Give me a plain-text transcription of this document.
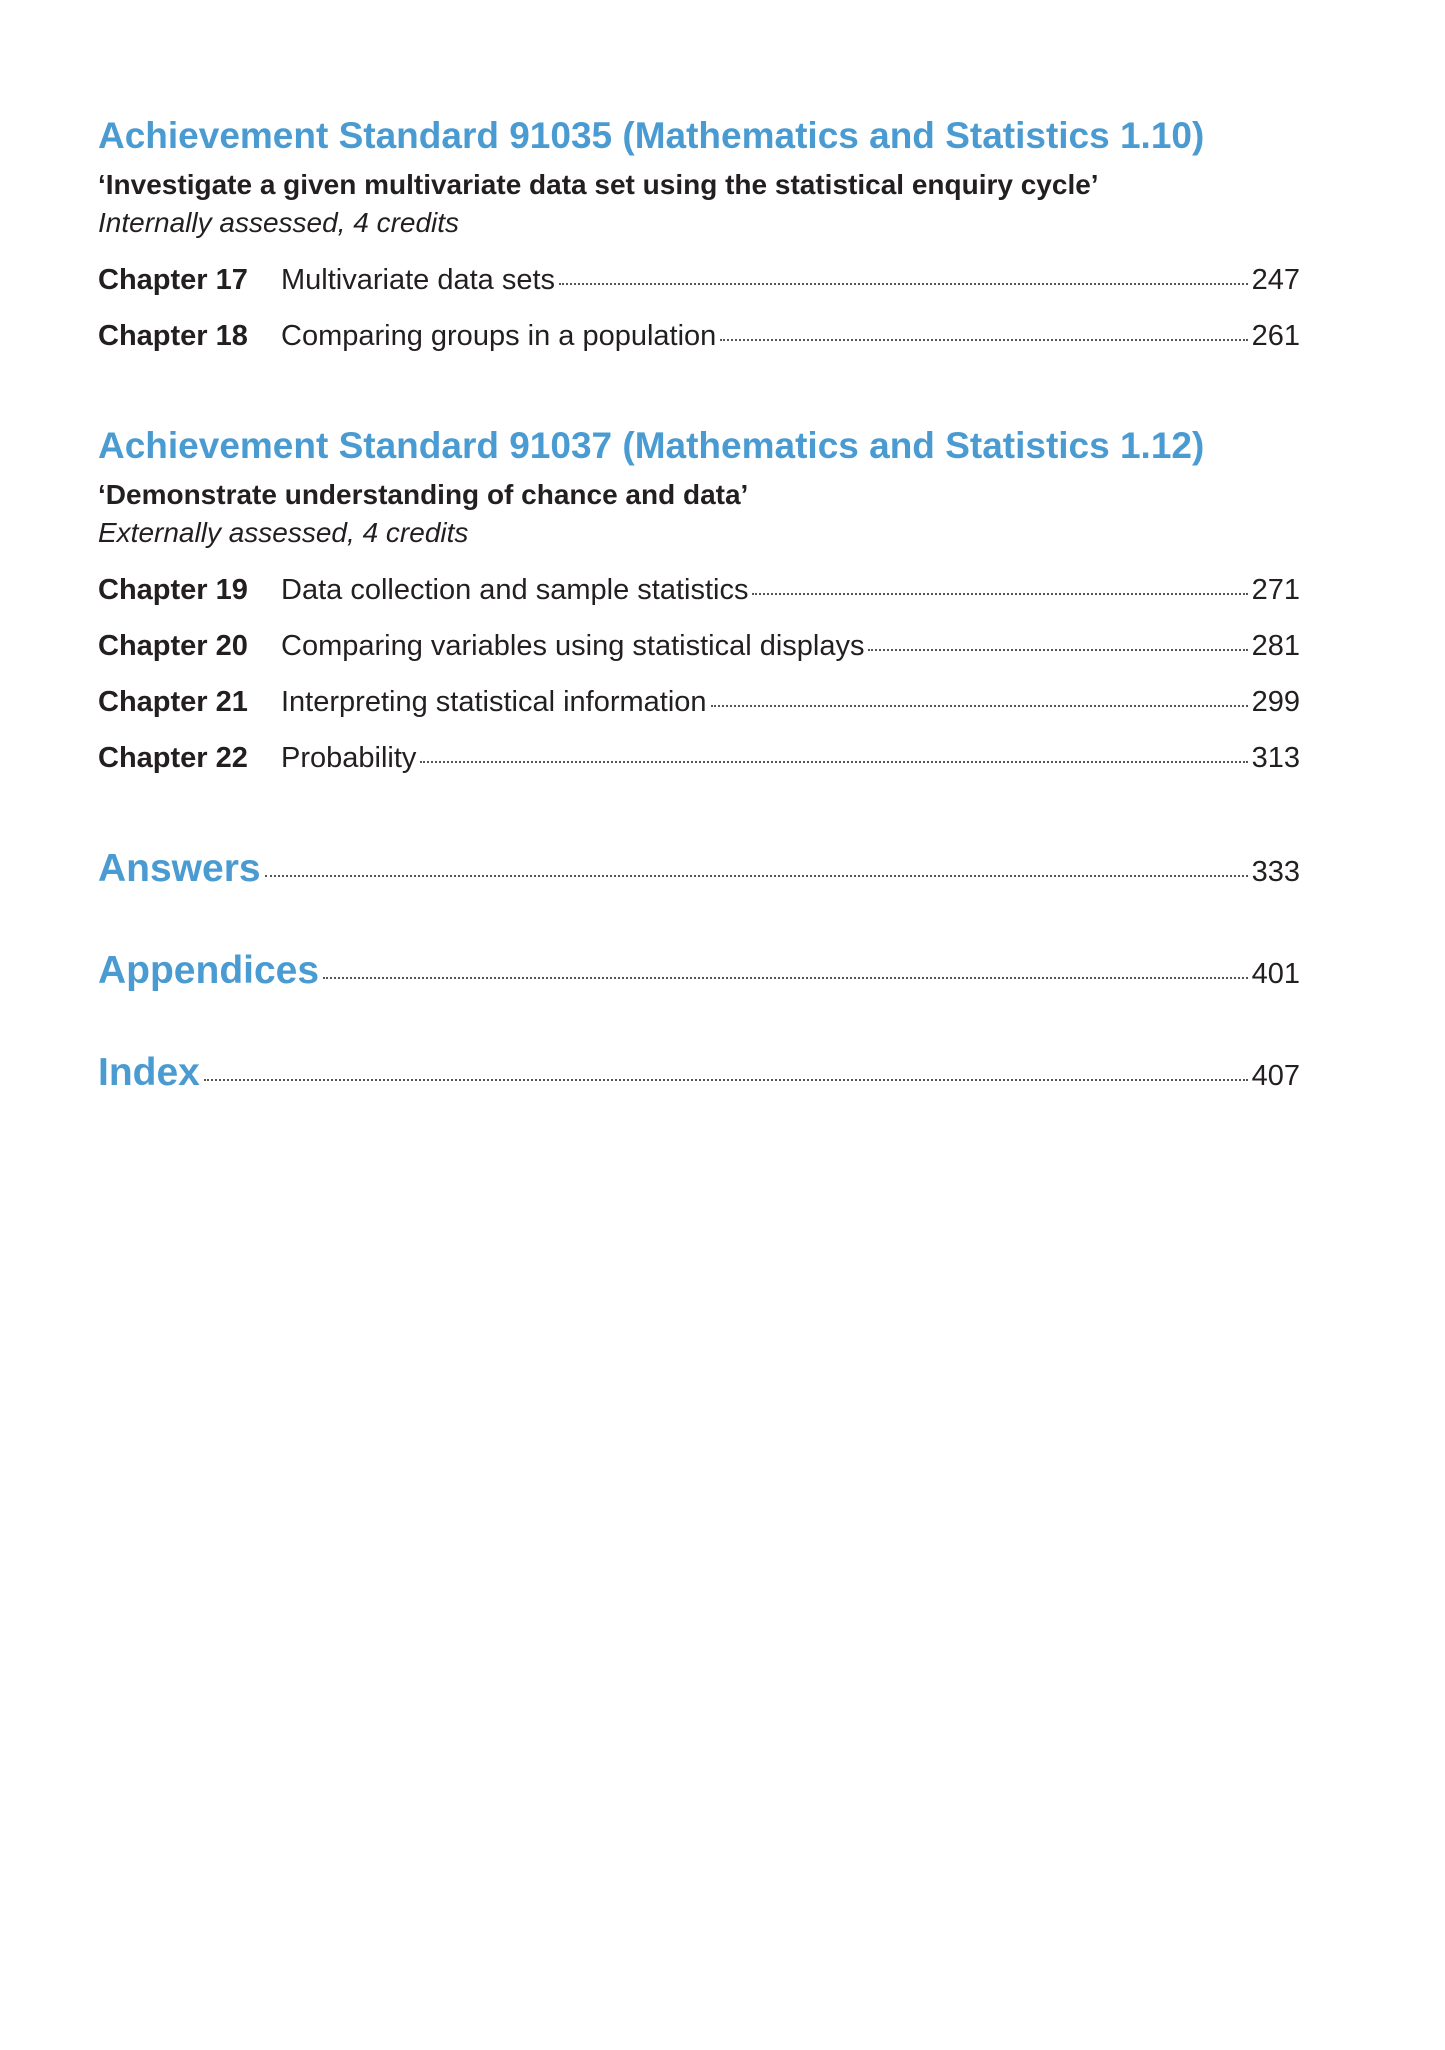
Achievement Standard 91035 (Mathematics and Statistics 1.10)
‘Investigate a given multivariate data set using the statistical enquiry cycle’
Internally assessed, 4 credits
Chapter 17	Multivariate data sets	247
Chapter 18	Comparing groups in a population	261
Achievement Standard 91037 (Mathematics and Statistics 1.12)
‘Demonstrate understanding of chance and data’
Externally assessed, 4 credits
Chapter 19	Data collection and sample statistics	271
Chapter 20	Comparing variables using statistical displays	281
Chapter 21	Interpreting statistical information	299
Chapter 22	Probability	313
Answers	333
Appendices	401
Index	407
